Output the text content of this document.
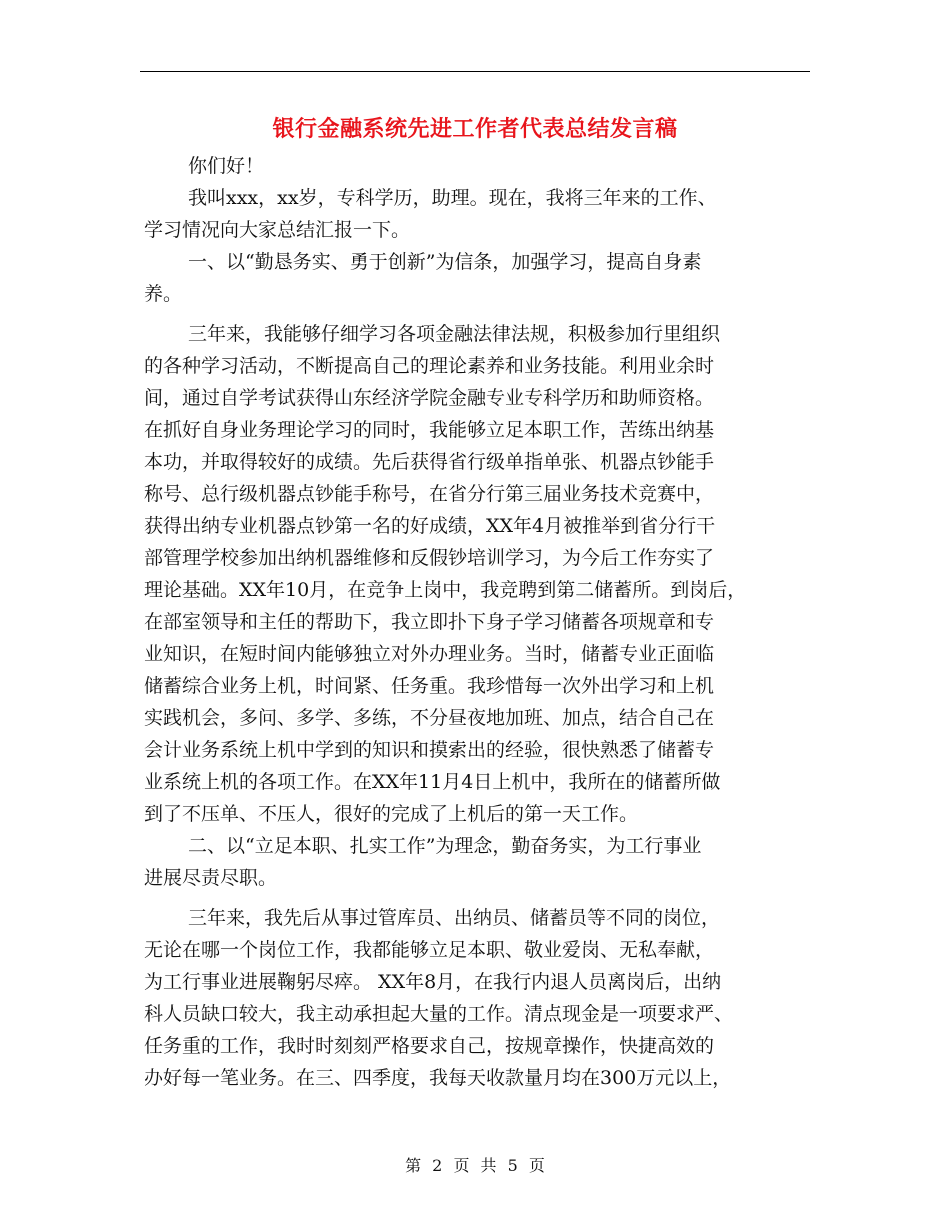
银行金融系统先进工作者代表总结发言稿
你们好！
我叫xxx，xx岁，专科学历，助理。现在，我将三年来的工作、
学习情况向大家总结汇报一下。
一、以“勤恳务实、勇于创新”为信条，加强学习，提高自身素
养。
三年来，我能够仔细学习各项金融法律法规，积极参加行里组织
的各种学习活动，不断提高自己的理论素养和业务技能。利用业余时
间，通过自学考试获得山东经济学院金融专业专科学历和助师资格。
在抓好自身业务理论学习的同时，我能够立足本职工作，苦练出纳基
本功，并取得较好的成绩。先后获得省行级单指单张、机器点钞能手
称号、总行级机器点钞能手称号，在省分行第三届业务技术竞赛中，
获得出纳专业机器点钞第一名的好成绩，XX年4月被推举到省分行干
部管理学校参加出纳机器维修和反假钞培训学习，为今后工作夯实了
理论基础。XX年10月，在竞争上岗中，我竞聘到第二储蓄所。到岗后，
在部室领导和主任的帮助下，我立即扑下身子学习储蓄各项规章和专
业知识，在短时间内能够独立对外办理业务。当时，储蓄专业正面临
储蓄综合业务上机，时间紧、任务重。我珍惜每一次外出学习和上机
实践机会，多问、多学、多练，不分昼夜地加班、加点，结合自己在
会计业务系统上机中学到的知识和摸索出的经验，很快熟悉了储蓄专
业系统上机的各项工作。在XX年11月4日上机中，我所在的储蓄所做
到了不压单、不压人，很好的完成了上机后的第一天工作。
二、以“立足本职、扎实工作”为理念，勤奋务实，为工行事业
进展尽责尽职。
三年来，我先后从事过管库员、出纳员、储蓄员等不同的岗位，
无论在哪一个岗位工作，我都能够立足本职、敬业爱岗、无私奉献，
为工行事业进展鞠躬尽瘁。 XX年8月，在我行内退人员离岗后，出纳
科人员缺口较大，我主动承担起大量的工作。清点现金是一项要求严、
任务重的工作，我时时刻刻严格要求自己，按规章操作，快捷高效的
办好每一笔业务。在三、四季度，我每天收款量月均在300万元以上，
第 2 页 共 5 页
